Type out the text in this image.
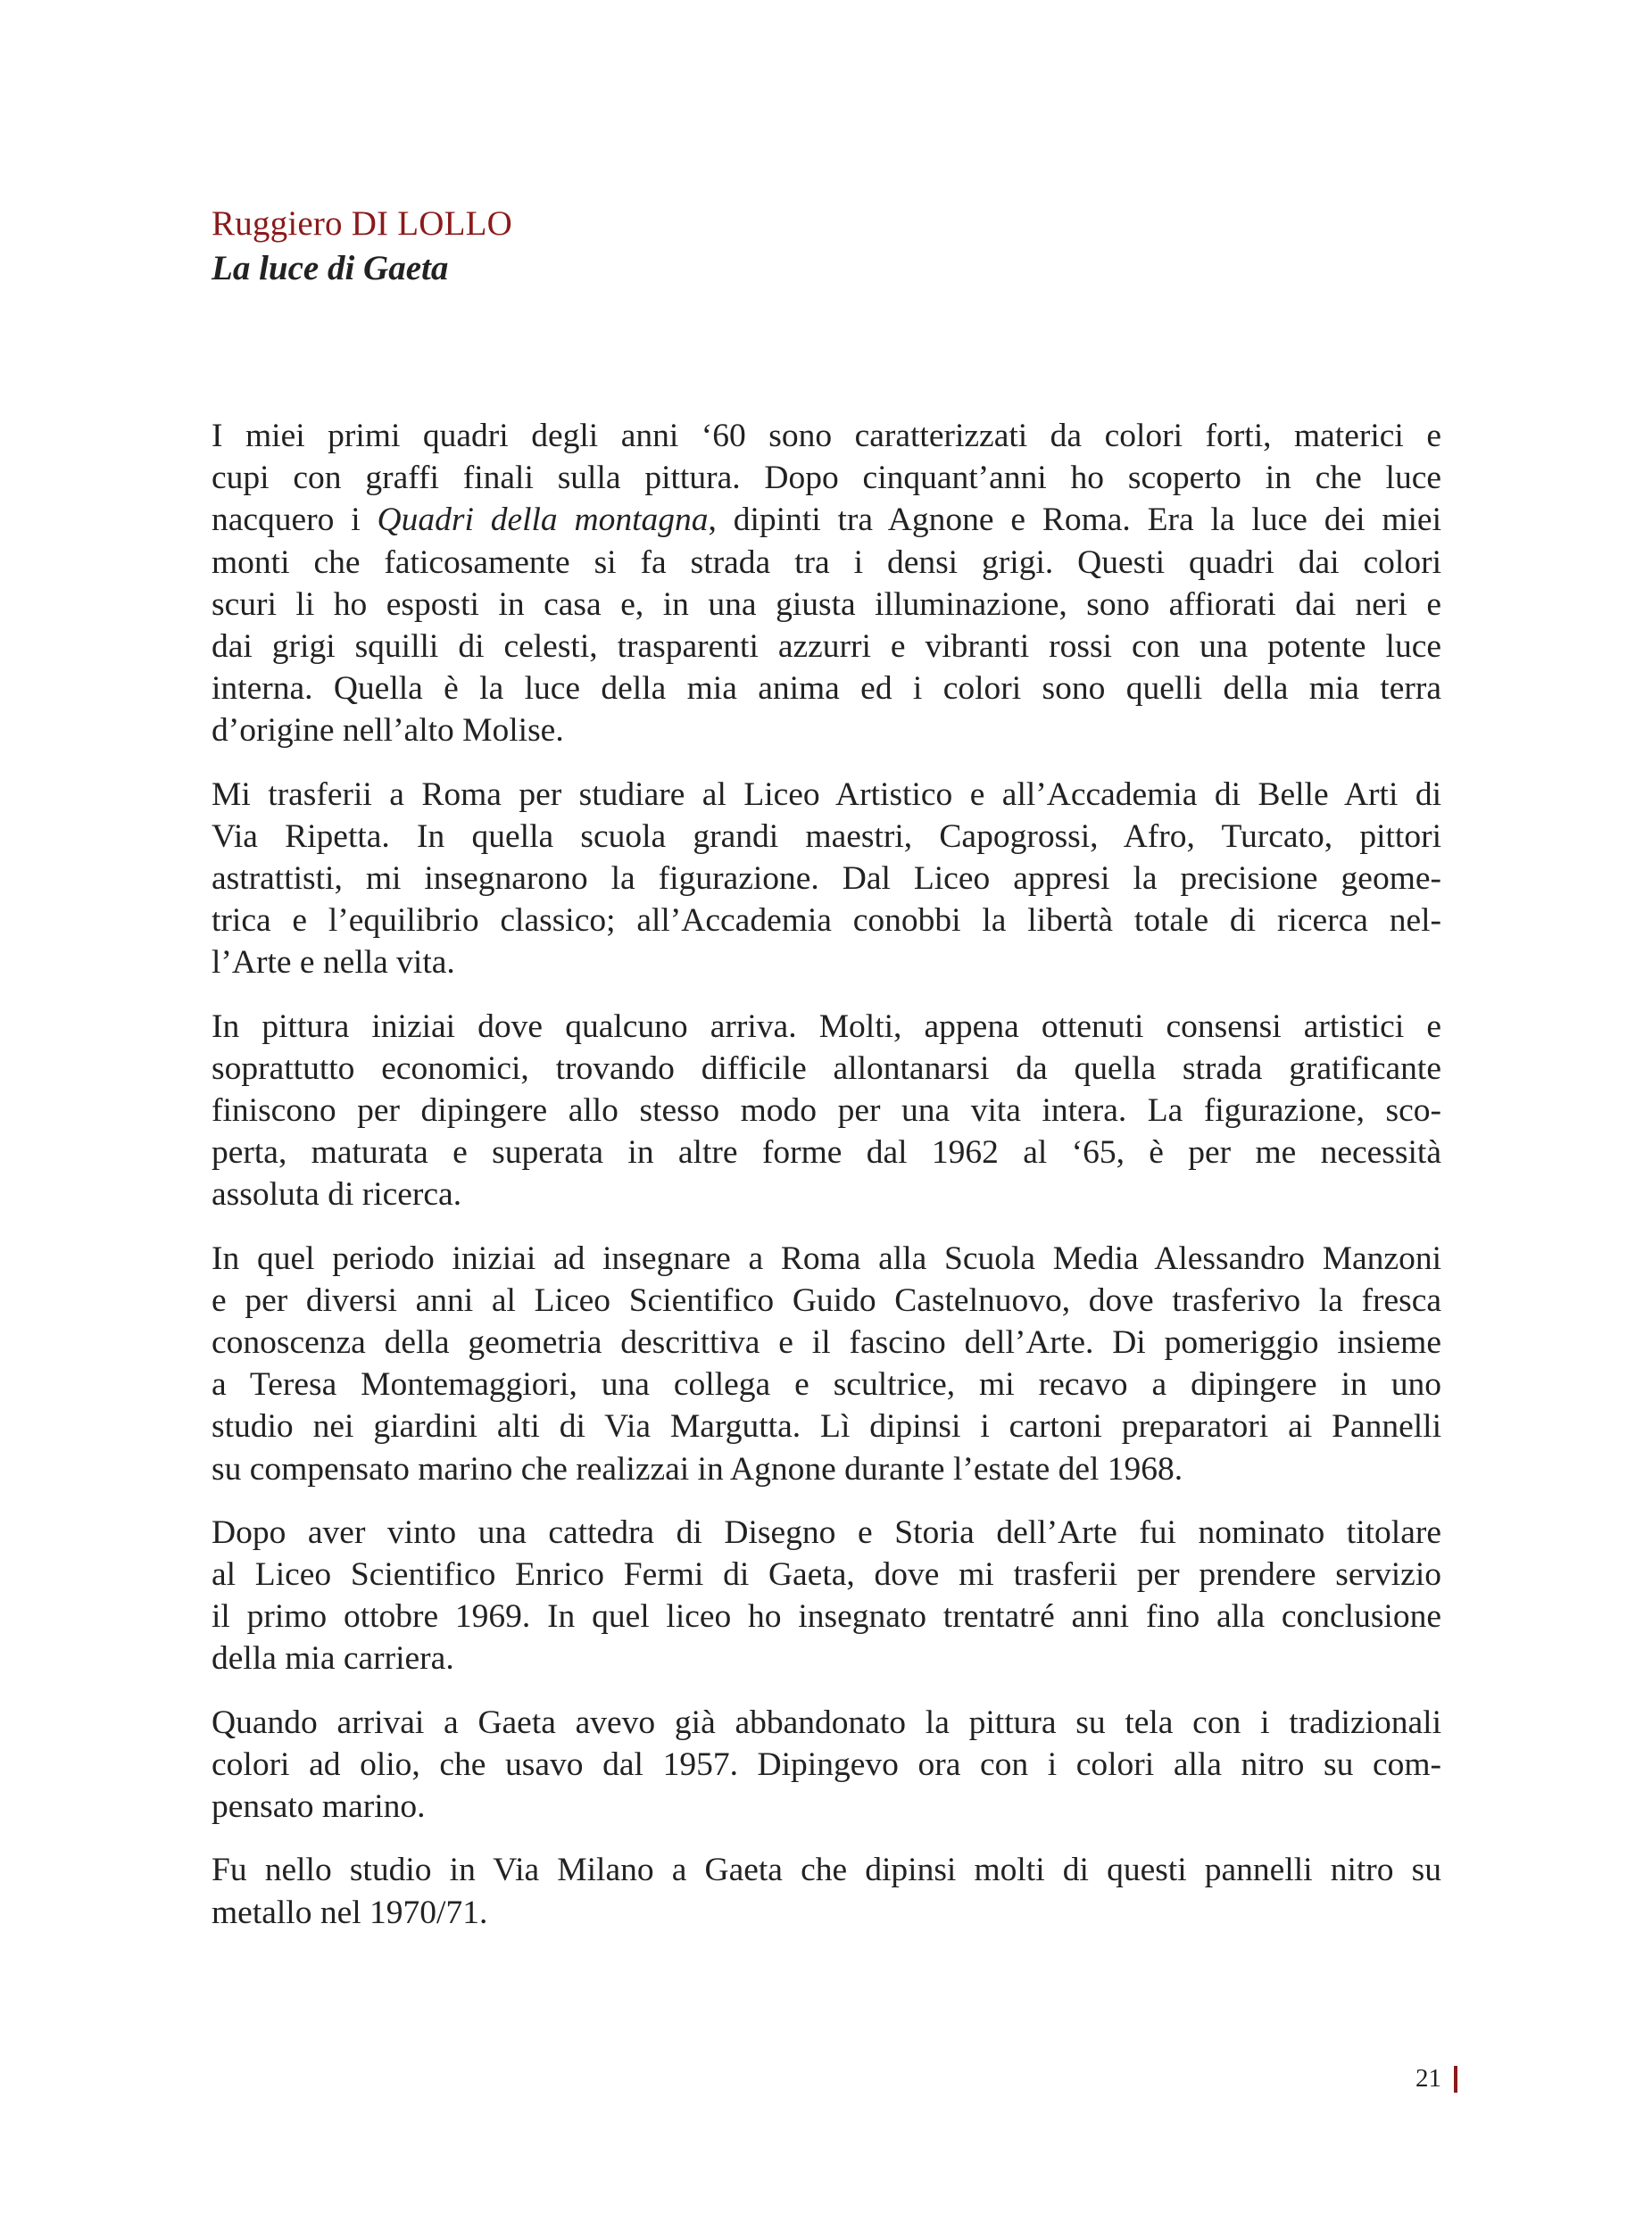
Ruggiero DI LOLLO
La luce di Gaeta

I miei primi quadri degli anni ‘60 sono caratterizzati da colori forti, materici e
cupi con graffi finali sulla pittura. Dopo cinquant’anni ho scoperto in che luce
nacquero i Quadri della montagna, dipinti tra Agnone e Roma. Era la luce dei miei
monti che faticosamente si fa strada tra i densi grigi. Questi quadri dai colori
scuri li ho esposti in casa e, in una giusta illuminazione, sono affiorati dai neri e
dai grigi squilli di celesti, trasparenti azzurri e vibranti rossi con una potente luce
interna. Quella è la luce della mia anima ed i colori sono quelli della mia terra
d’origine nell’alto Molise.

Mi trasferii a Roma per studiare al Liceo Artistico e all’Accademia di Belle Arti di
Via Ripetta. In quella scuola grandi maestri, Capogrossi, Afro, Turcato, pittori
astrattisti, mi insegnarono la figurazione. Dal Liceo appresi la precisione geome-
trica e l’equilibrio classico; all’Accademia conobbi la libertà totale di ricerca nel-
l’Arte e nella vita.

In pittura iniziai dove qualcuno arriva. Molti, appena ottenuti consensi artistici e
soprattutto economici, trovando difficile allontanarsi da quella strada gratificante
finiscono per dipingere allo stesso modo per una vita intera. La figurazione, sco-
perta, maturata e superata in altre forme dal 1962 al ‘65, è per me necessità
assoluta di ricerca.

In quel periodo iniziai ad insegnare a Roma alla Scuola Media Alessandro Manzoni
e per diversi anni al Liceo Scientifico Guido Castelnuovo, dove trasferivo la fresca
conoscenza della geometria descrittiva e il fascino dell’Arte. Di pomeriggio insieme
a Teresa Montemaggiori, una collega e scultrice, mi recavo a dipingere in uno
studio nei giardini alti di Via Margutta. Lì dipinsi i cartoni preparatori ai Pannelli
su compensato marino che realizzai in Agnone durante l’estate del 1968.

Dopo aver vinto una cattedra di Disegno e Storia dell’Arte fui nominato titolare
al Liceo Scientifico Enrico Fermi di Gaeta, dove mi trasferii per prendere servizio
il primo ottobre 1969. In quel liceo ho insegnato trentatré anni fino alla conclusione
della mia carriera.

Quando arrivai a Gaeta avevo già abbandonato la pittura su tela con i tradizionali
colori ad olio, che usavo dal 1957. Dipingevo ora con i colori alla nitro su com-
pensato marino.

Fu nello studio in Via Milano a Gaeta che dipinsi molti di questi pannelli nitro su
metallo nel 1970/71.

21
